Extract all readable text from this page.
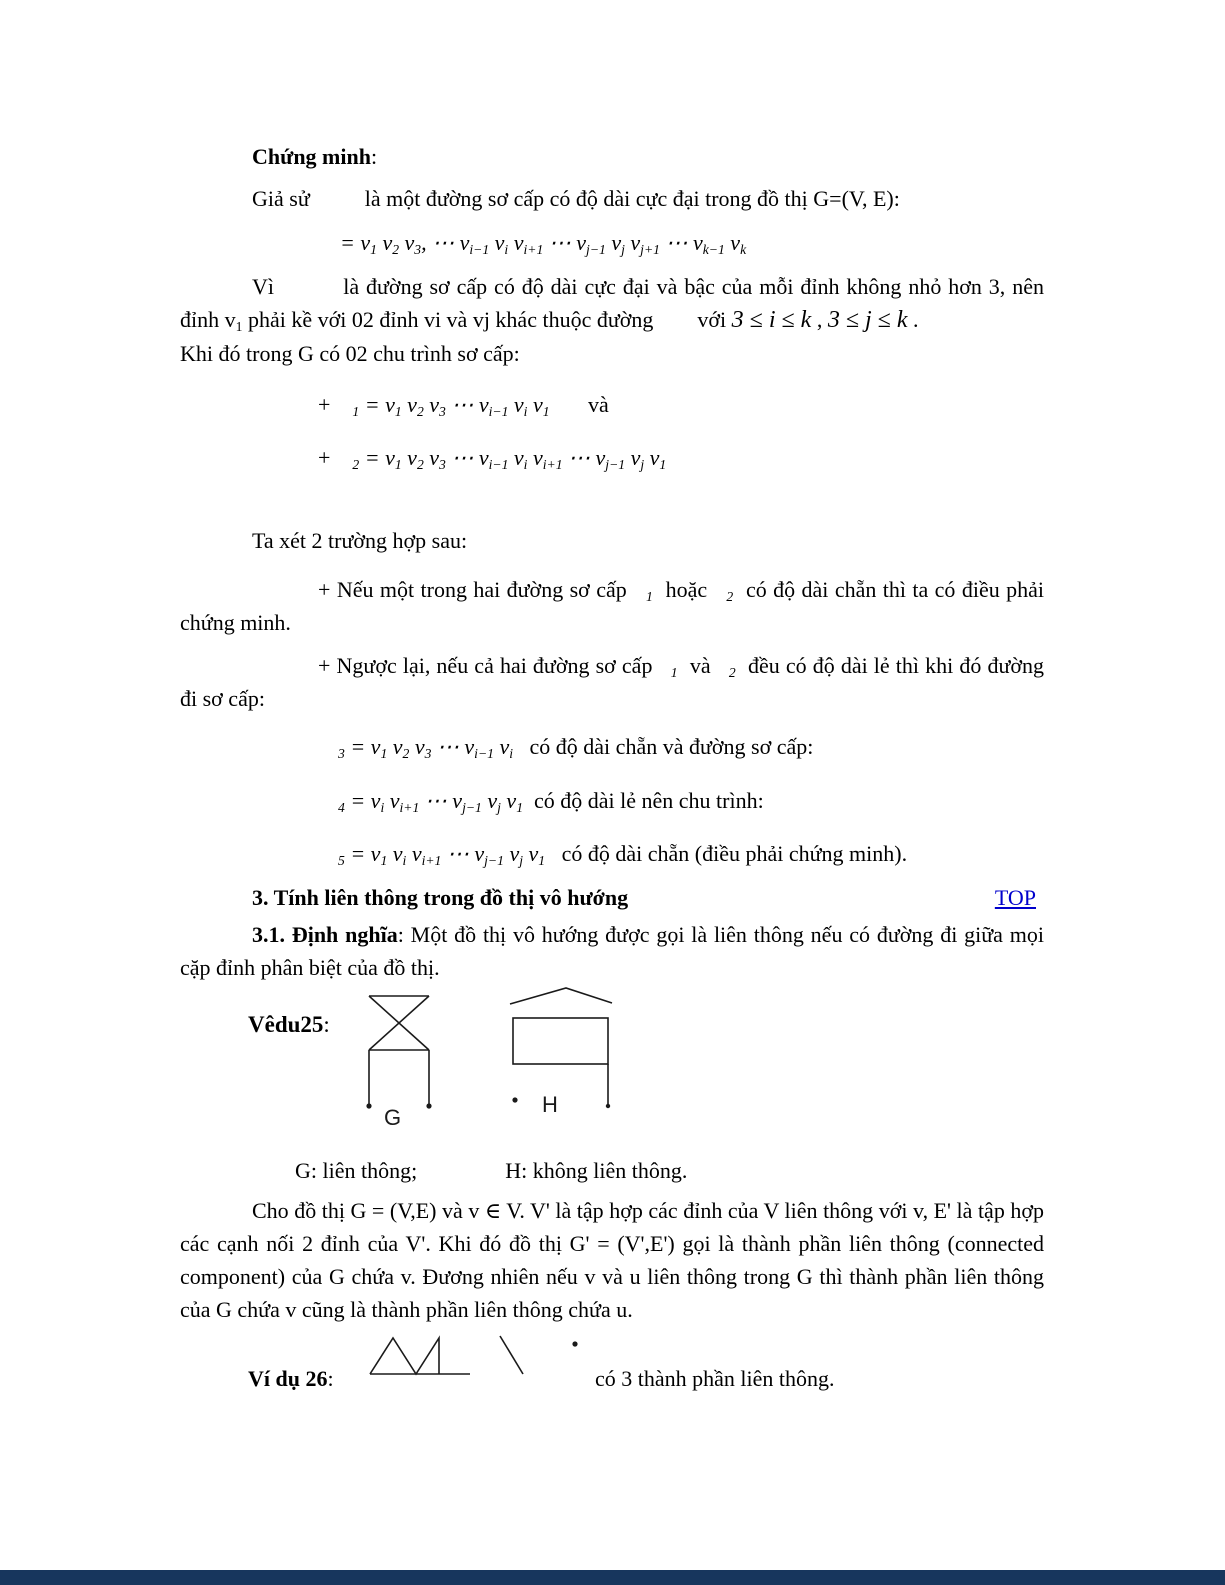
Chứng minh:

Giả sử          là một đường sơ cấp có độ dài cực đại trong đồ thị G=(V, E):

= $v_1$ $v_2$ $v_3$, ⋯ $v_{i-1}$ $v_i$ $v_{i+1}$ ⋯ $v_{j-1}$ $v_j$ $v_{j+1}$ ⋯ $v_{k-1}$ $v_k$

Vì          là đường sơ cấp có độ dài cực đại và bậc của mỗi đỉnh không nhỏ hơn 3, nên đỉnh $v_1$ phải kề với 02 đỉnh vi và vj khác thuộc đường        với 3 ≤ i ≤ k , 3 ≤ j ≤ k .

Khi đó trong G có 02 chu trình sơ cấp:

+    $_1 = v_1$ $v_2$ $v_3$ ⋯ $v_{i-1}$ $v_i$ $v_1$       và

+    $_2 = v_1$ $v_2$ $v_3$ ⋯ $v_{i-1}$ $v_i$ $v_{i+1}$ ⋯ $v_{j-1}$ $v_j$ $v_1$

Ta xét 2 trường hợp sau:

+ Nếu một trong hai đường sơ cấp   $_1$  hoặc   $_2$  có độ dài chẵn thì ta có điều phải chứng minh.

+ Ngược lại, nếu cả hai đường sơ cấp   $_1$  và   $_2$  đều có độ dài lẻ thì khi đó đường đi sơ cấp:

$_3 = v_1$ $v_2$ $v_3$ ⋯ $v_{i-1}$ $v_i$   có độ dài chẵn và đường sơ cấp:

$_4 = v_i$ $v_{i+1}$ ⋯ $v_{j-1}$ $v_j$ $v_1$  có độ dài lẻ nên chu trình:

$_5 = v_1$ $v_i$ $v_{i+1}$ ⋯ $v_{j-1}$ $v_j$ $v_1$   có độ dài chẵn (điều phải chứng minh).

3. Tính liên thông trong đồ thị vô hướng	TOP

3.1. Định nghĩa: Một đồ thị vô hướng được gọi là liên thông nếu có đường đi giữa mọi cặp đỉnh phân biệt của đồ thị.

Vêdu25:

G
H

G: liên thông;                H: không liên thông.

Cho đồ thị G = (V,E) và v ∈ V. V' là tập hợp các đỉnh của V liên thông với v, E' là tập hợp các cạnh nối 2 đỉnh của V'. Khi đó đồ thị G' = (V',E') gọi là thành phần liên thông (connected component) của G chứa v. Đương nhiên nếu v và u liên thông trong G thì thành phần liên thông của G chứa v cũng là thành phần liên thông chứa u.

Ví dụ 26:	có 3 thành phần liên thông.
